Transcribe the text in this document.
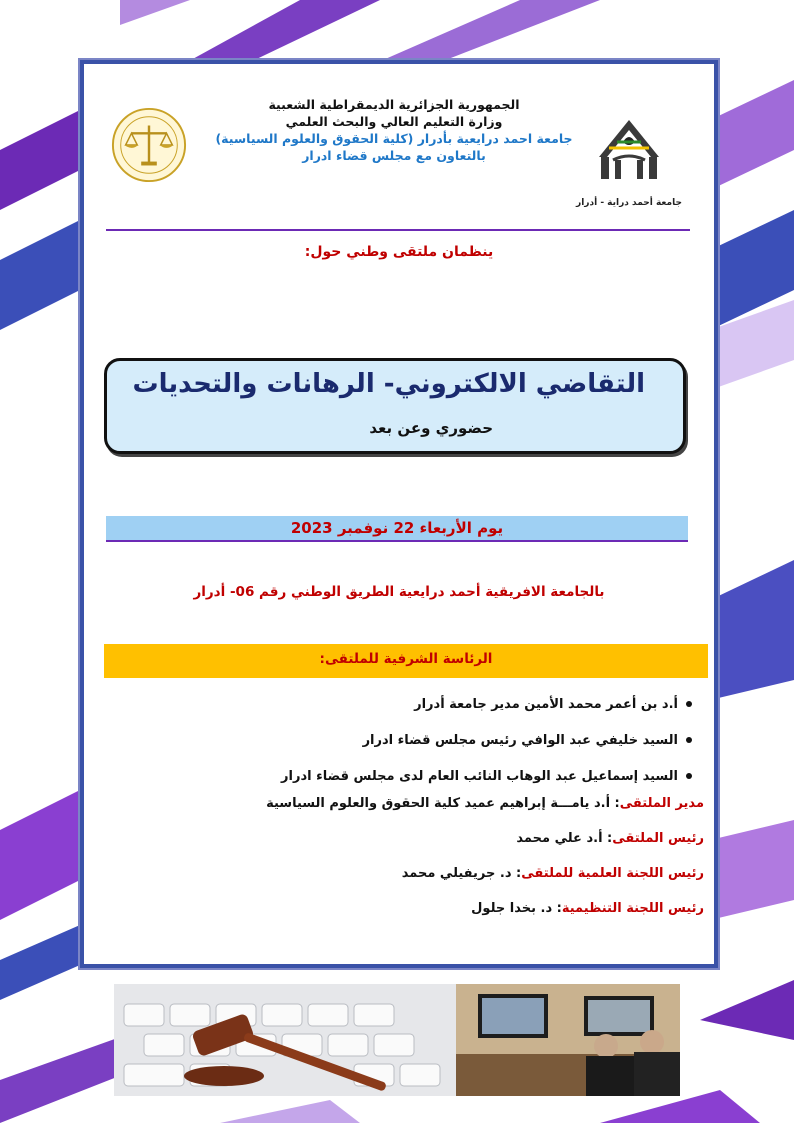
الجمهورية الجزائرية الديمقراطية الشعبية
وزارة التعليم العالي والبحث العلمي
جامعة احمد درايعية بأدرار (كلية الحقوق والعلوم السياسية)
بالتعاون مع مجلس قضاء ادرار
جامعة أحمد دراية - أدرار
ينظمان ملتقى وطني حول:
التقاضي الالكتروني- الرهانات والتحديات
حضوري وعن بعد
يوم الأربعاء 22 نوفمبر 2023
بالجامعة الافريقية أحمد درايعية الطريق الوطني رقم 06- أدرار
الرئاسة الشرفية للملتقى:
أ.د بن أعمر محمد الأمين مدير جامعة أدرار
السيد خليفي عبد الوافي رئيس مجلس قضاء ادرار
السيد إسماعيل عبد الوهاب النائب العام لدى مجلس قضاء ادرار
مدير الملتقى: أ.د يامـــة إبراهيم عميد كلية الحقوق والعلوم السياسية
رئيس الملتقى: أ.د علي محمد
رئيس اللجنة العلمية للملتقى: د. جريفيلي محمد
رئيس اللجنة التنظيمية: د. بخدا جلول
